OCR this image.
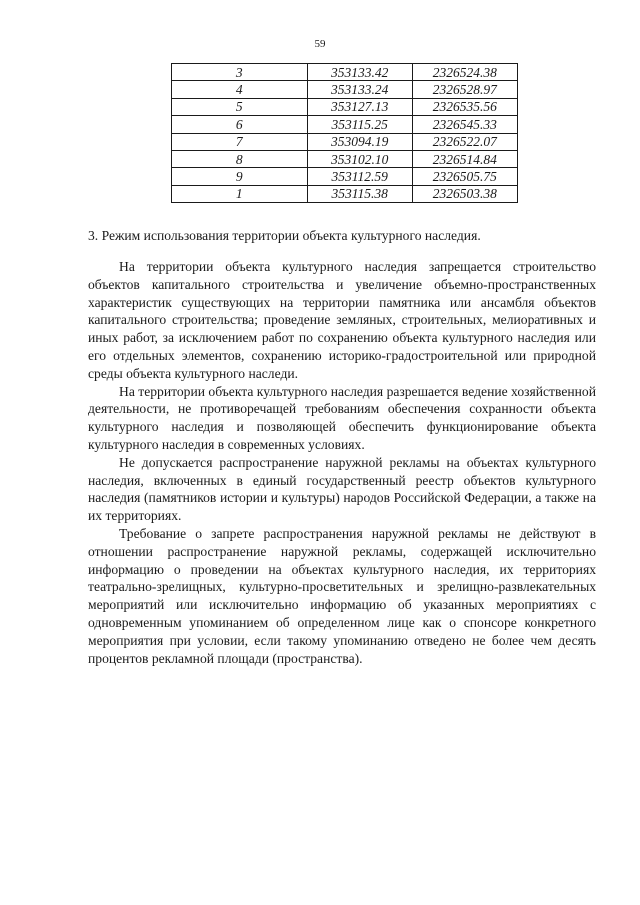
59
3	353133.42	2326524.38
4	353133.24	2326528.97
5	353127.13	2326535.56
6	353115.25	2326545.33
7	353094.19	2326522.07
8	353102.10	2326514.84
9	353112.59	2326505.75
1	353115.38	2326503.38
3. Режим использования территории объекта культурного наследия.

На территории объекта культурного наследия запрещается строительство объектов капитального строительства и увеличение объемно-пространственных характеристик существующих на территории памятника или ансамбля объектов капитального строительства; проведение земляных, строительных, мелиоративных и иных работ, за исключением работ по сохранению объекта культурного наследия или его отдельных элементов, сохранению историко-градостроительной или природной среды объекта культурного наследи.

На территории объекта культурного наследия разрешается ведение хозяйственной деятельности, не противоречащей требованиям обеспечения сохранности объекта культурного наследия и позволяющей обеспечить функционирование объекта культурного наследия в современных условиях.

Не допускается распространение наружной рекламы на объектах культурного наследия, включенных в единый государственный реестр объектов культурного наследия (памятников истории и культуры) народов Российской Федерации, а также на их территориях.

Требование о запрете распространения наружной рекламы не действуют в отношении распространение наружной рекламы, содержащей исключительно информацию о проведении на объектах культурного наследия, их территориях театрально-зрелищных, культурно-просветительных и зрелищно-развлекательных мероприятий или исключительно информацию об указанных мероприятиях с одновременным упоминанием об определенном лице как о спонсоре конкретного мероприятия при условии, если такому упоминанию отведено не более чем десять процентов рекламной площади (пространства).
